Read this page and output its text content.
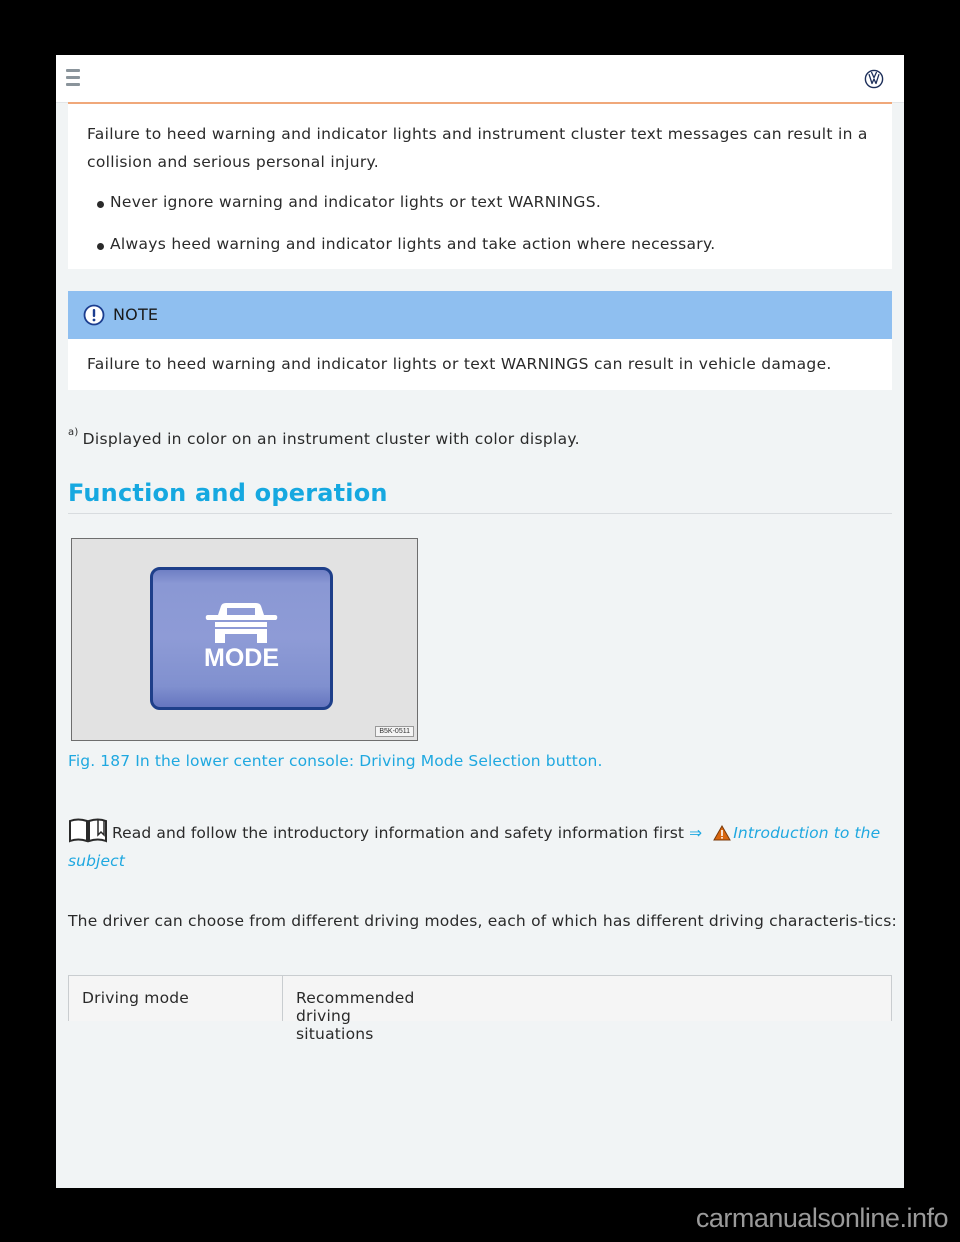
Failure to heed warning and indicator lights and instrument cluster text messages can result in a

collision and serious personal injury.

Never ignore warning and indicator lights or text WARNINGS.
Always heed warning and indicator lights and take action where necessary.
NOTE
Failure to heed warning and indicator lights or text WARNINGS can result in vehicle damage.
$^{a)}$ Displayed in color on an instrument cluster with color display.
Function and operation
MODE
B5K-0511
Fig. 187 In the lower center console: Driving Mode Selection button.
Read and follow the introductory information and safety information first ⇒ Introduction to the subject
The driver can choose from different driving modes, each of which has different driving characteris-tics:
Driving mode	Recommended driving situations
carmanualsonline.info
